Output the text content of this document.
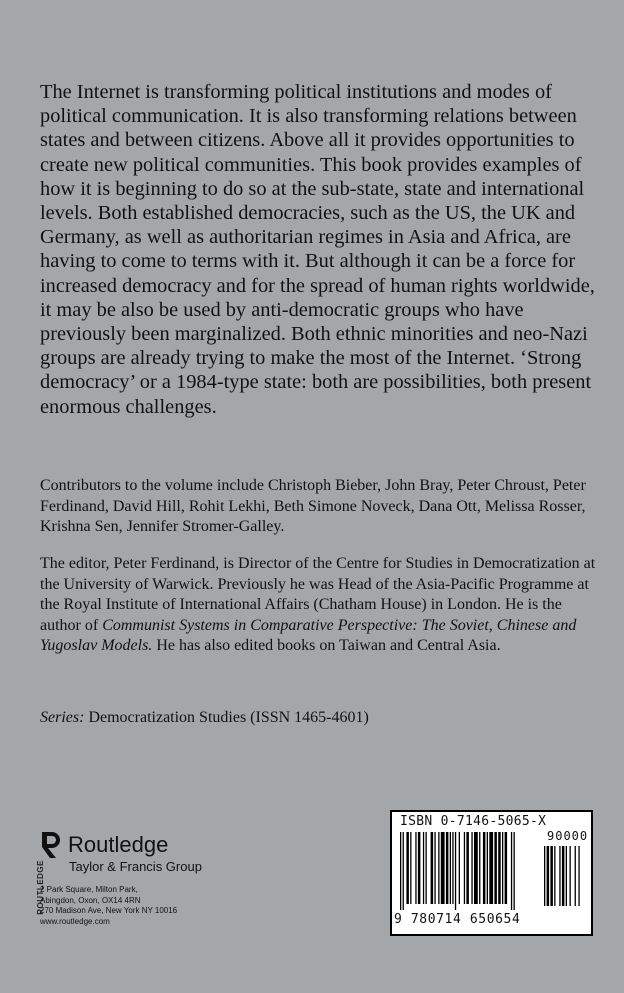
The Internet is transforming political institutions and modes of political communication. It is also transforming relations between states and between citizens. Above all it provides opportunities to create new political communities. This book provides examples of how it is beginning to do so at the sub-state, state and international levels. Both established democracies, such as the US, the UK and Germany, as well as authoritarian regimes in Asia and Africa, are having to come to terms with it. But although it can be a force for increased democracy and for the spread of human rights worldwide, it may be also be used by anti-democratic groups who have previously been marginalized. Both ethnic minorities and neo-Nazi groups are already trying to make the most of the Internet. ‘Strong democracy’ or a 1984-type state: both are possibilities, both present enormous challenges.

Contributors to the volume include Christoph Bieber, John Bray, Peter Chroust, Peter Ferdinand, David Hill, Rohit Lekhi, Beth Simone Noveck, Dana Ott, Melissa Rosser, Krishna Sen, Jennifer Stromer-Galley.

The editor, Peter Ferdinand, is Director of the Centre for Studies in Democratization at the University of Warwick. Previously he was Head of the Asia-Pacific Programme at the Royal Institute of International Affairs (Chatham House) in London. He is the author of Communist Systems in Comparative Perspective: The Soviet, Chinese and Yugoslav Models. He has also edited books on Taiwan and Central Asia.

Series: Democratization Studies (ISSN 1465-4601)

ROUTLEDGE
Routledge
Taylor & Francis Group
2 Park Square, Milton Park,
Abingdon, Oxon, OX14 4RN
270 Madison Ave, New York NY 10016
www.routledge.com
ISBN 0-7146-5065-X
90000
9 780714 650654
